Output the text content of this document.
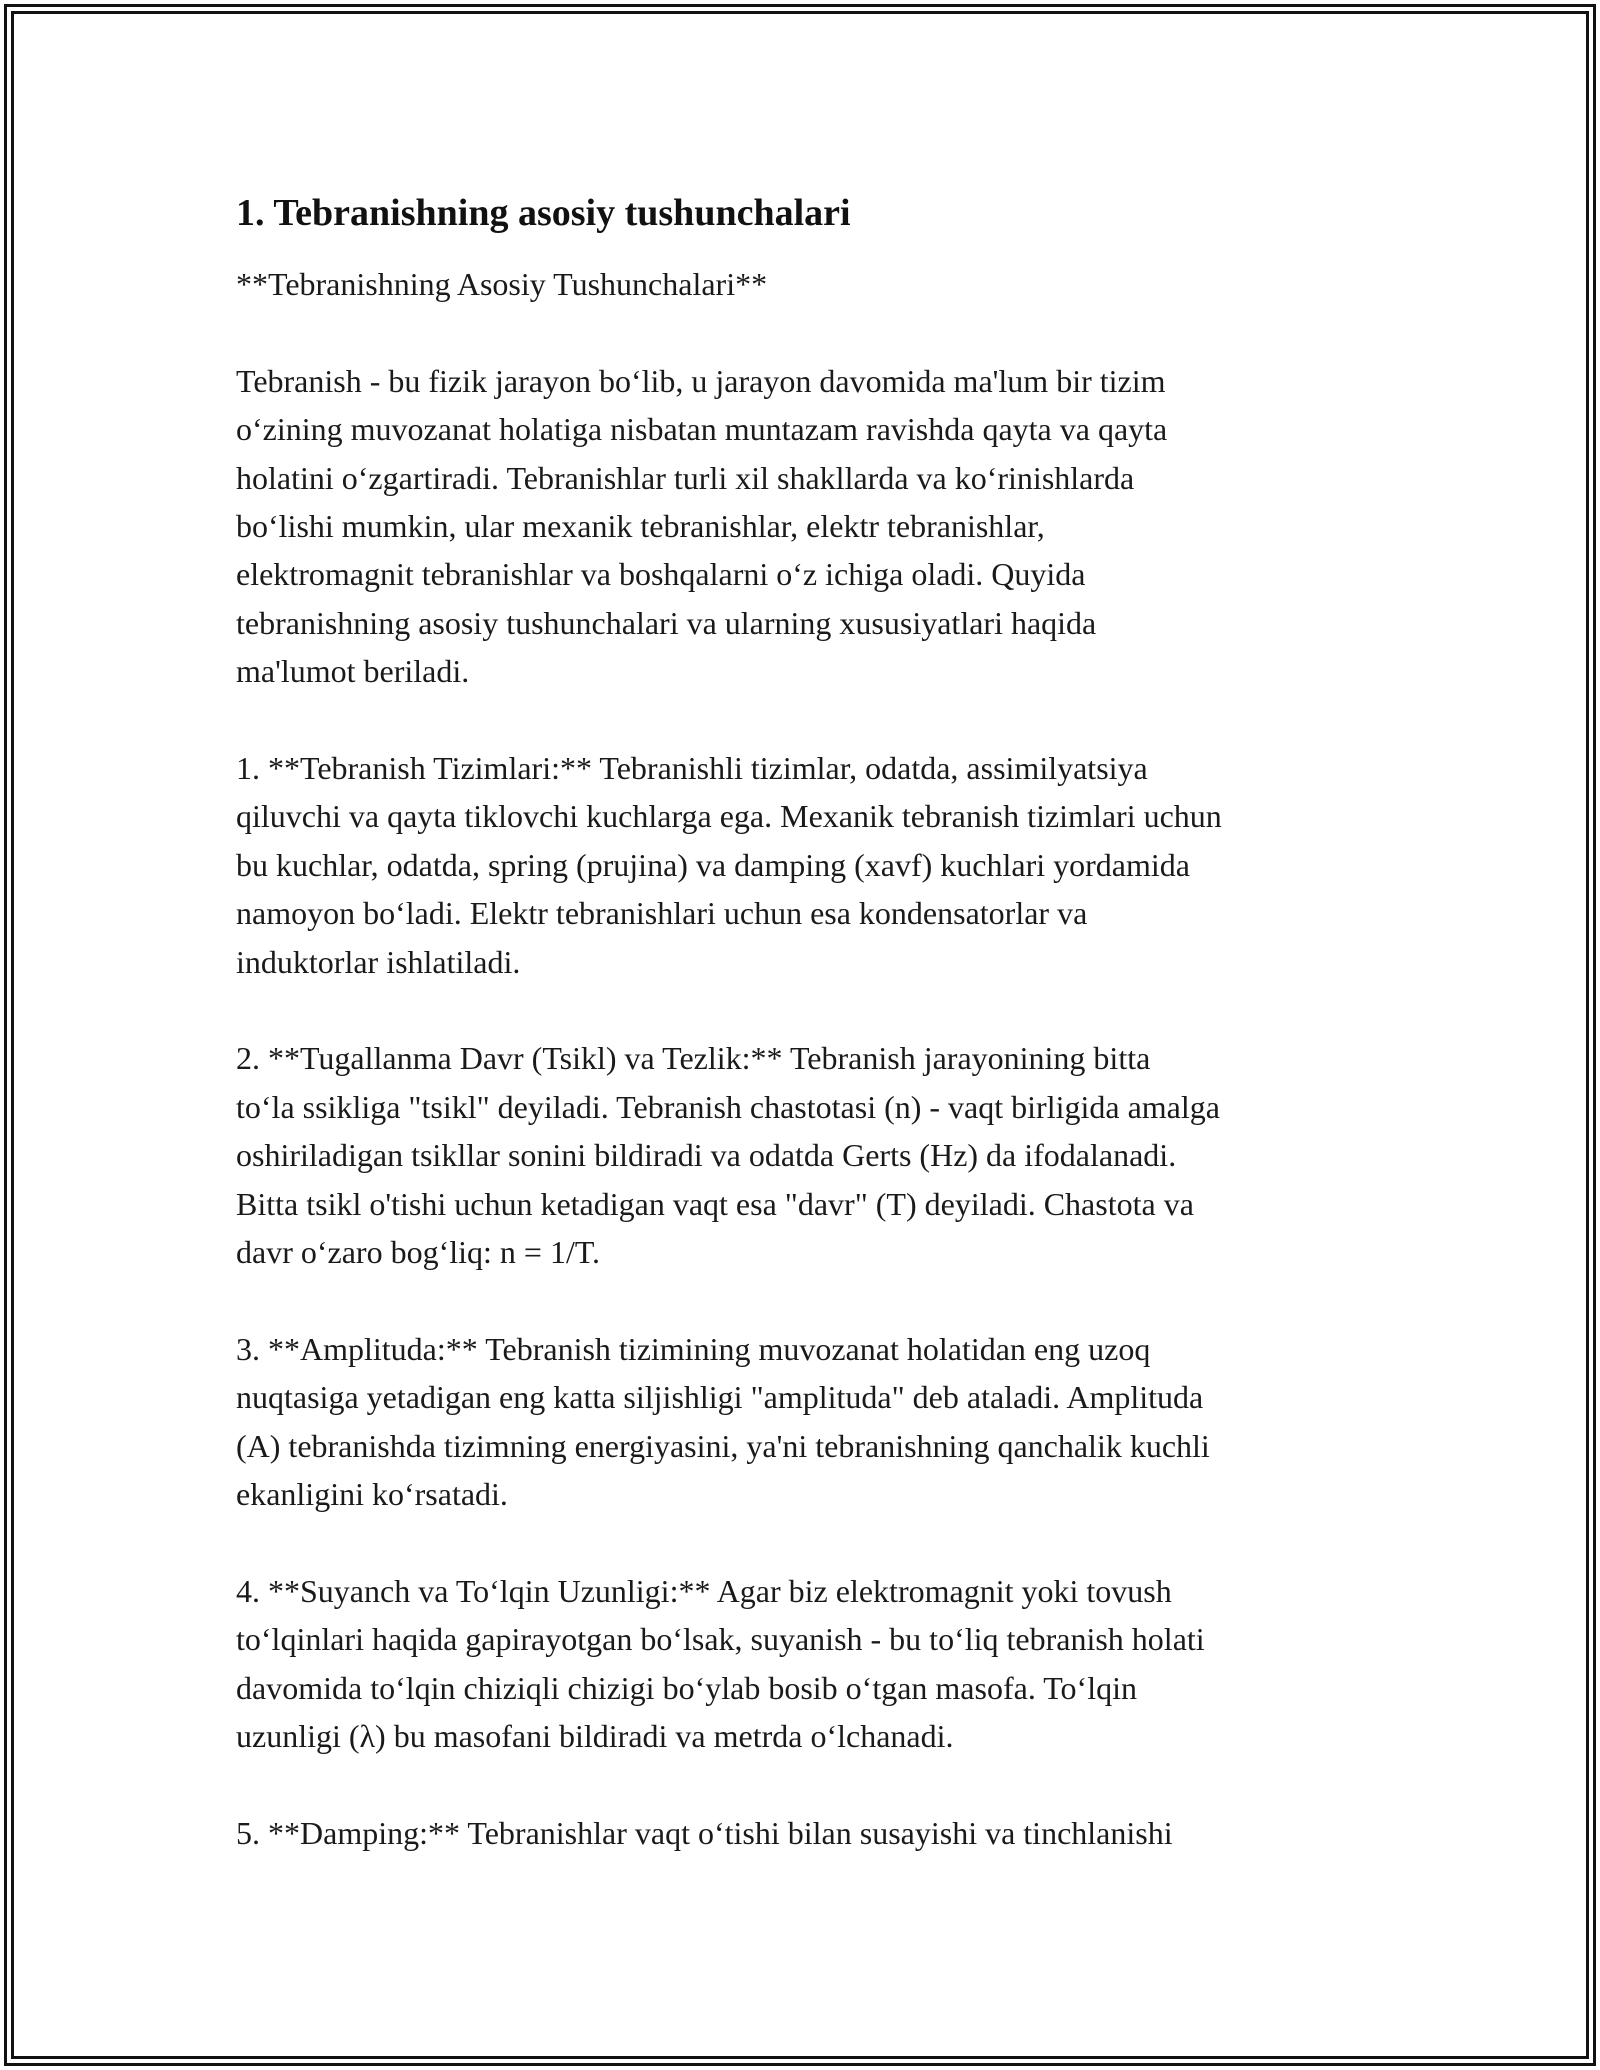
1. Tebranishning asosiy tushunchalari

**Tebranishning Asosiy Tushunchalari**

Tebranish - bu fizik jarayon bo‘lib, u jarayon davomida ma'lum bir tizim
o‘zining muvozanat holatiga nisbatan muntazam ravishda qayta va qayta
holatini o‘zgartiradi. Tebranishlar turli xil shakllarda va ko‘rinishlarda
bo‘lishi mumkin, ular mexanik tebranishlar, elektr tebranishlar,
elektromagnit tebranishlar va boshqalarni o‘z ichiga oladi. Quyida
tebranishning asosiy tushunchalari va ularning xususiyatlari haqida
ma'lumot beriladi.

1. **Tebranish Tizimlari:** Tebranishli tizimlar, odatda, assimilyatsiya
qiluvchi va qayta tiklovchi kuchlarga ega. Mexanik tebranish tizimlari uchun
bu kuchlar, odatda, spring (prujina) va damping (xavf) kuchlari yordamida
namoyon bo‘ladi. Elektr tebranishlari uchun esa kondensatorlar va
induktorlar ishlatiladi.

2. **Tugallanma Davr (Tsikl) va Tezlik:** Tebranish jarayonining bitta
to‘la ssikliga "tsikl" deyiladi. Tebranish chastotasi (n) - vaqt birligida amalga
oshiriladigan tsikllar sonini bildiradi va odatda Gerts (Hz) da ifodalanadi.
Bitta tsikl o'tishi uchun ketadigan vaqt esa "davr" (T) deyiladi. Chastota va
davr o‘zaro bog‘liq: n = 1/T.

3. **Amplituda:** Tebranish tizimining muvozanat holatidan eng uzoq
nuqtasiga yetadigan eng katta siljishligi "amplituda" deb ataladi. Amplituda
(A) tebranishda tizimning energiyasini, ya'ni tebranishning qanchalik kuchli
ekanligini ko‘rsatadi.

4. **Suyanch va To‘lqin Uzunligi:** Agar biz elektromagnit yoki tovush
to‘lqinlari haqida gapirayotgan bo‘lsak, suyanish - bu to‘liq tebranish holati
davomida to‘lqin chiziqli chizigi bo‘ylab bosib o‘tgan masofa. To‘lqin
uzunligi (λ) bu masofani bildiradi va metrda o‘lchanadi.

5. **Damping:** Tebranishlar vaqt o‘tishi bilan susayishi va tinchlanishi
